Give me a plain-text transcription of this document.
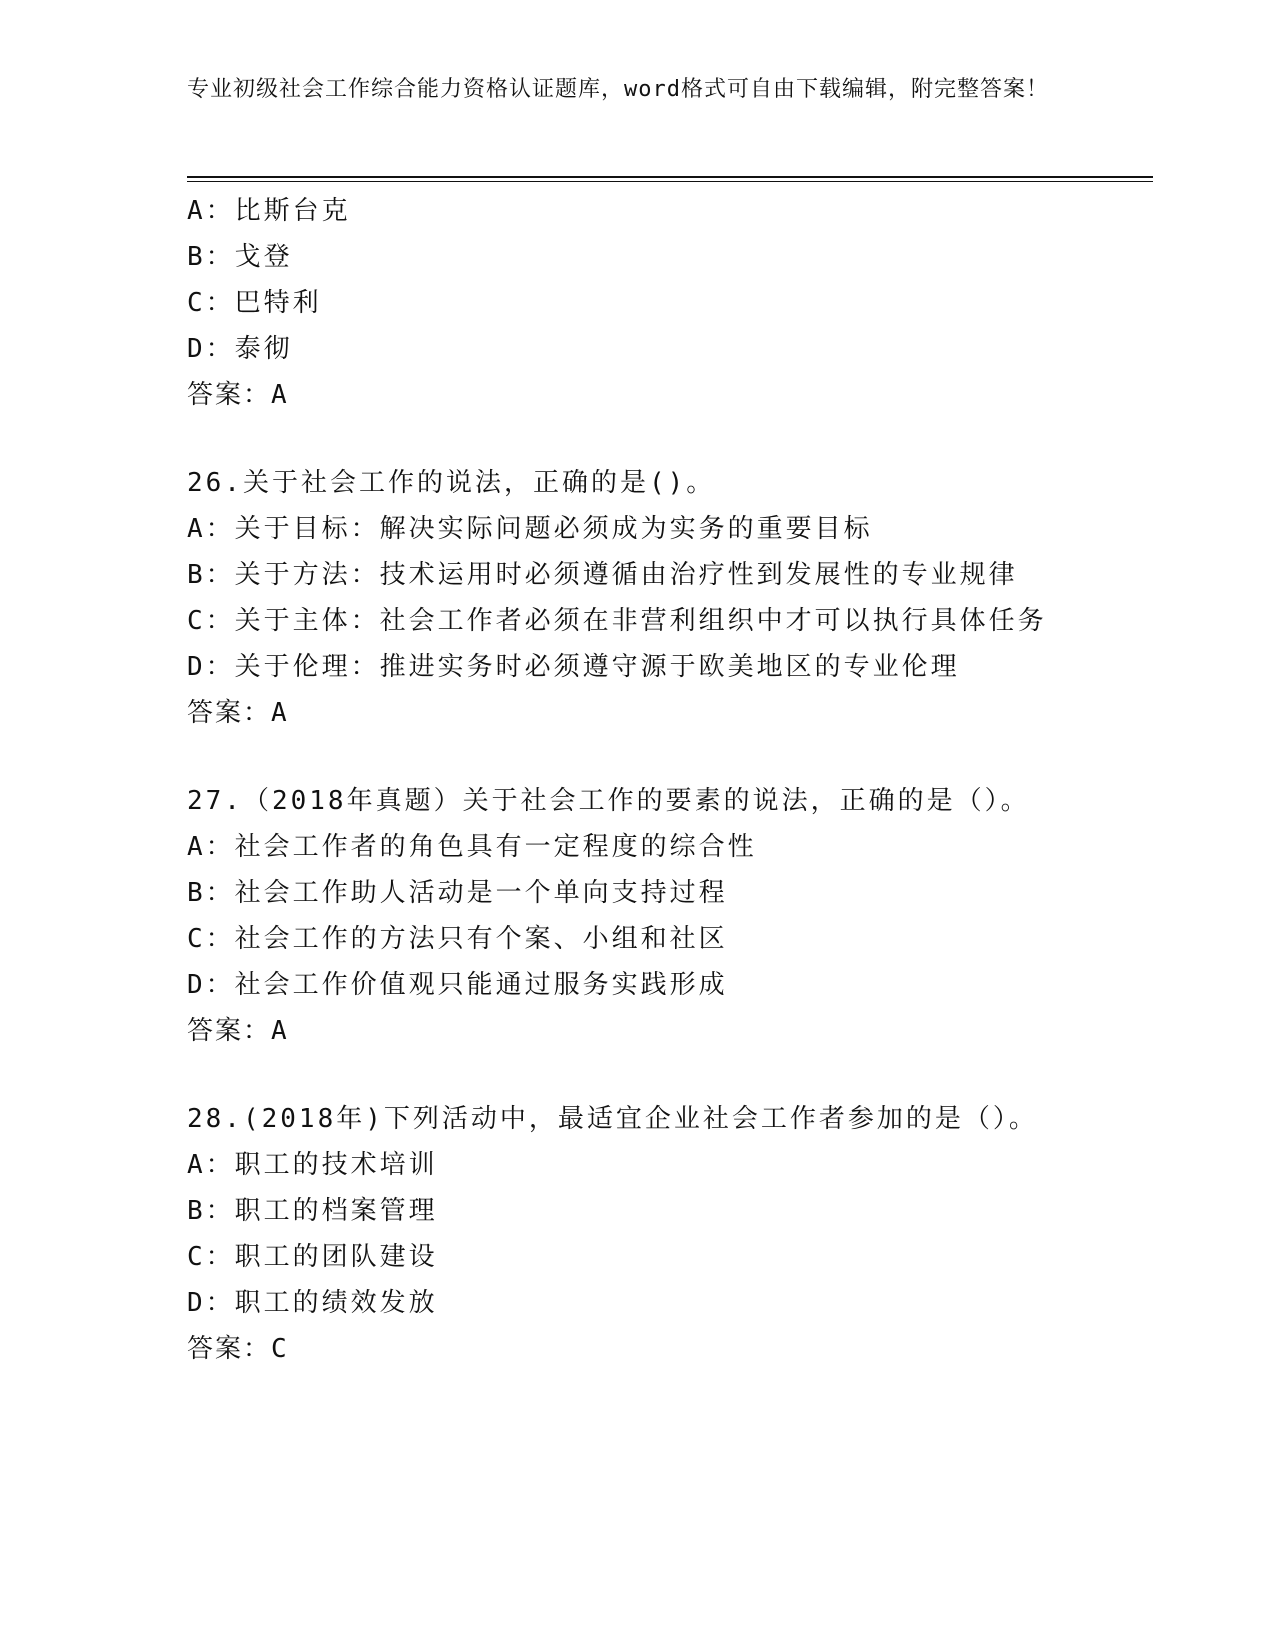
专业初级社会工作综合能力资格认证题库，word格式可自由下载编辑，附完整答案！
A：比斯台克
B：戈登
C：巴特利
D：泰彻
答案：A
26.关于社会工作的说法，正确的是()。
A：关于目标：解决实际问题必须成为实务的重要目标
B：关于方法：技术运用时必须遵循由治疗性到发展性的专业规律
C：关于主体：社会工作者必须在非营利组织中才可以执行具体任务
D：关于伦理：推进实务时必须遵守源于欧美地区的专业伦理
答案：A
27.（2018年真题）关于社会工作的要素的说法，正确的是（）。
A：社会工作者的角色具有一定程度的综合性
B：社会工作助人活动是一个单向支持过程
C：社会工作的方法只有个案、小组和社区
D：社会工作价值观只能通过服务实践形成
答案：A
28.(2018年)下列活动中，最适宜企业社会工作者参加的是（）。
A：职工的技术培训
B：职工的档案管理
C：职工的团队建设
D：职工的绩效发放
答案：C
